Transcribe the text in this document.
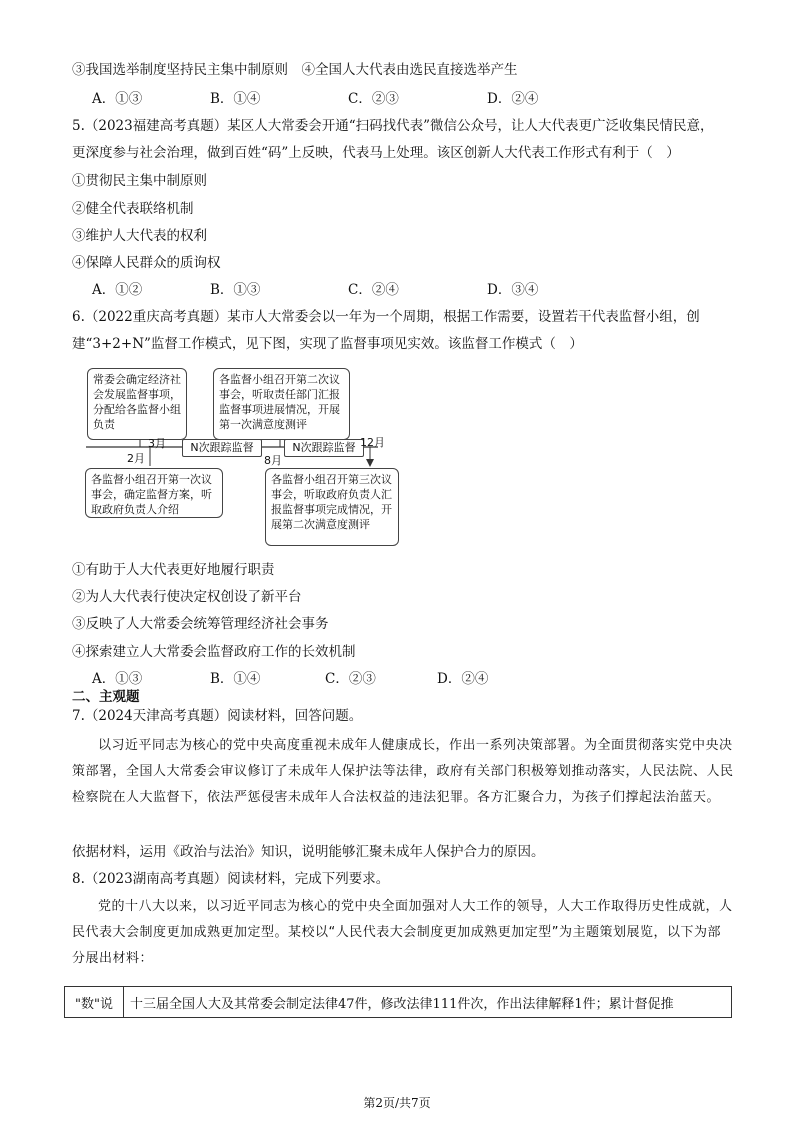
③我国选举制度坚持民主集中制原则　④全国人大代表由选民直接选举产生
A．①③	B．①④	C．②③	D．②④
5.（2023福建高考真题）某区人大常委会开通“扫码找代表”微信公众号，让人大代表更广泛收集民情民意，
更深度参与社会治理，做到百姓“码”上反映，代表马上处理。该区创新人大代表工作形式有利于（　）
①贯彻民主集中制原则
②健全代表联络机制
③维护人大代表的权利
④保障人民群众的质询权
A．①②	B．①③	C．②④	D．③④
6.（2022重庆高考真题）某市人大常委会以一年为一个周期，根据工作需要，设置若干代表监督小组，创
建“3+2+N”监督工作模式，见下图，实现了监督事项见实效。该监督工作模式（　）
常委会确定经济社会发展监督事项，分配给各监督小组负责
各监督小组召开第二次议事会，听取责任部门汇报监督事项进展情况，开展第一次满意度测评
各监督小组召开第一次议事会，确定监督方案，听取政府负责人介绍
各监督小组召开第三次议事会，听取政府负责人汇报监督事项完成情况，开展第二次满意度测评
N次跟踪监督	N次跟踪监督
2月
3月
8月
12月
①有助于人大代表更好地履行职责
②为人大代表行使决定权创设了新平台
③反映了人大常委会统筹管理经济社会事务
④探索建立人大常委会监督政府工作的长效机制
A．①③	B．①④	C．②③	D．②④
二、主观题
7.（2024天津高考真题）阅读材料，回答问题。
以习近平同志为核心的党中央高度重视未成年人健康成长，作出一系列决策部署。为全面贯彻落实党中央决策部署，全国人大常委会审议修订了未成年人保护法等法律，政府有关部门积极筹划推动落实，人民法院、人民检察院在人大监督下，依法严惩侵害未成年人合法权益的违法犯罪。各方汇聚合力，为孩子们撑起法治蓝天。
依据材料，运用《政治与法治》知识，说明能够汇聚未成年人保护合力的原因。
8.（2023湖南高考真题）阅读材料，完成下列要求。
党的十八大以来，以习近平同志为核心的党中央全面加强对人大工作的领导，人大工作取得历史性成就，人民代表大会制度更加成熟更加定型。某校以“人民代表大会制度更加成熟更加定型”为主题策划展览，以下为部分展出材料：
"数"说	十三届全国人大及其常委会制定法律47件，修改法律111件次，作出法律解释1件；累计督促推
第2页/共7页
